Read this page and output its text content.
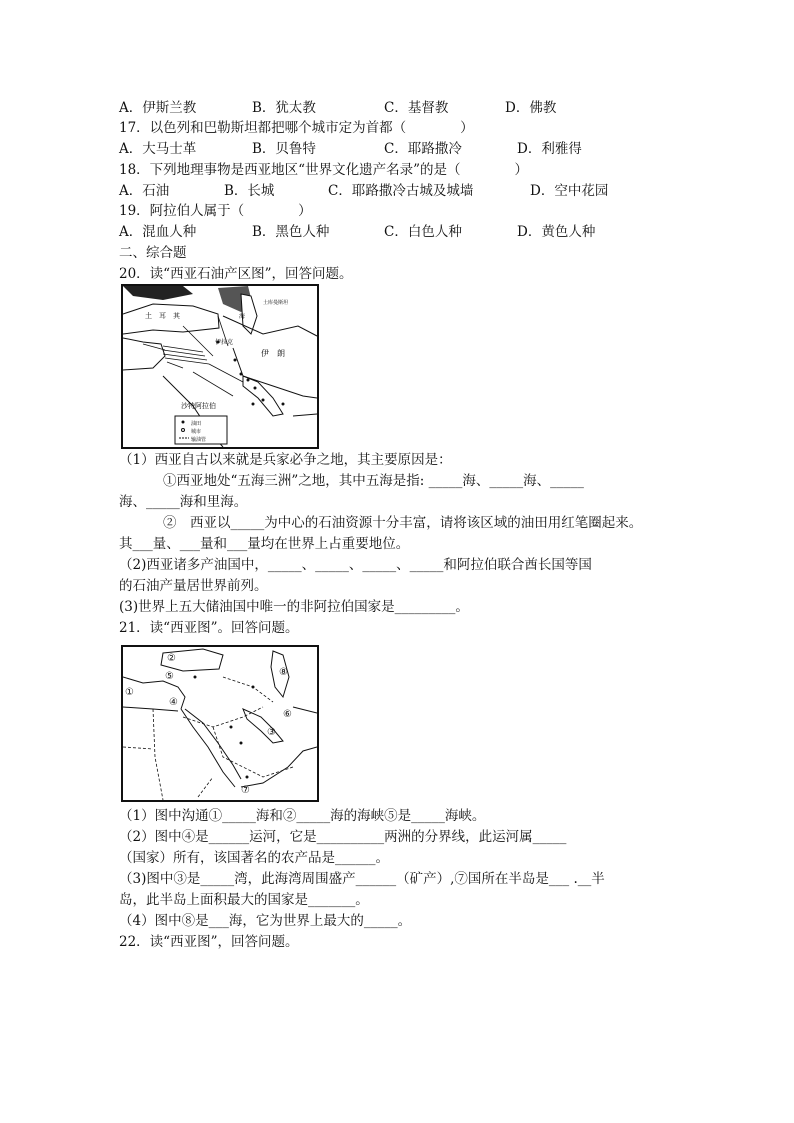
A．伊斯兰教	B．犹太教	C．基督教	D．佛教
17．以色列和巴勒斯坦都把哪个城市定为首都（　　　　）
A．大马士革	B．贝鲁特	C．耶路撒冷	D．利雅得
18．下列地理事物是西亚地区“世界文化遗产名录”的是（　　　　）
A．石油	B．长城	C．耶路撒冷古城及城墙	D．空中花园
19．阿拉伯人属于（　　　　）
A．混血人种	B．黑色人种	C．白色人种	D．黄色人种
二、综合题
20．读“西亚石油产区图”，回答问题。
油田
城市
输油管
土　耳　其
伊　朗
沙特阿拉伯
伊拉克
海
土库曼斯坦
（1）西亚自古以来就是兵家必争之地，其主要原因是：
①西亚地处“五海三洲”之地，其中五海是指: _____海、_____海、_____
海、_____海和里海。
②　西亚以_____为中心的石油资源十分丰富，请将该区域的油田用红笔圈起来。
其___量、___量和___量均在世界上占重要地位。
（2)西亚诸多产油国中，_____、_____、_____、_____和阿拉伯联合酋长国等国
的石油产量居世界前列。
(3)世界上五大储油国中唯一的非阿拉伯国家是_________。
21．读“西亚图”。回答问题。
①
②
③
④
⑤
⑥
⑦
⑧
（1）图中沟通①_____海和②_____海的海峡⑤是_____海峡。
（2）图中④是______运河，它是__________两洲的分界线，此运河属_____
（国家）所有，该国著名的农产品是______。
（3)图中③是_____湾，此海湾周围盛产______（矿产）,⑦国所在半岛是___ .__半
岛，此半岛上面积最大的国家是_______。
（4）图中⑧是___海，它为世界上最大的_____。
22．读“西亚图”，回答问题。
